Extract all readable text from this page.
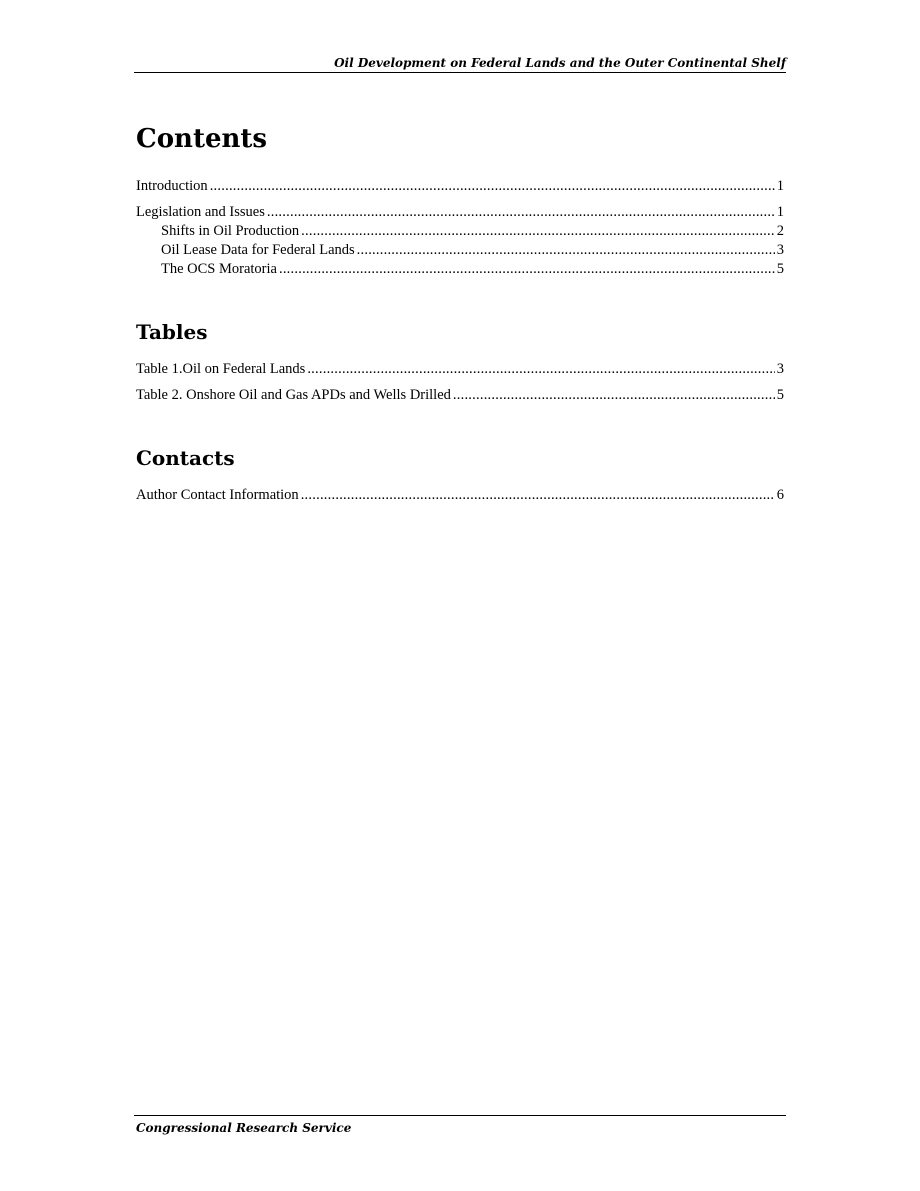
Oil Development on Federal Lands and the Outer Continental Shelf
Contents
Introduction . . .	1
Legislation and Issues . . .	1
Shifts in Oil Production . . .	2
Oil Lease Data for Federal Lands . . .	3
The OCS Moratoria . . .	5
Tables
Table 1.Oil on Federal Lands . . .	3
Table 2. Onshore Oil and Gas APDs and Wells Drilled . . .	5
Contacts
Author Contact Information . . .	6
Congressional Research Service
